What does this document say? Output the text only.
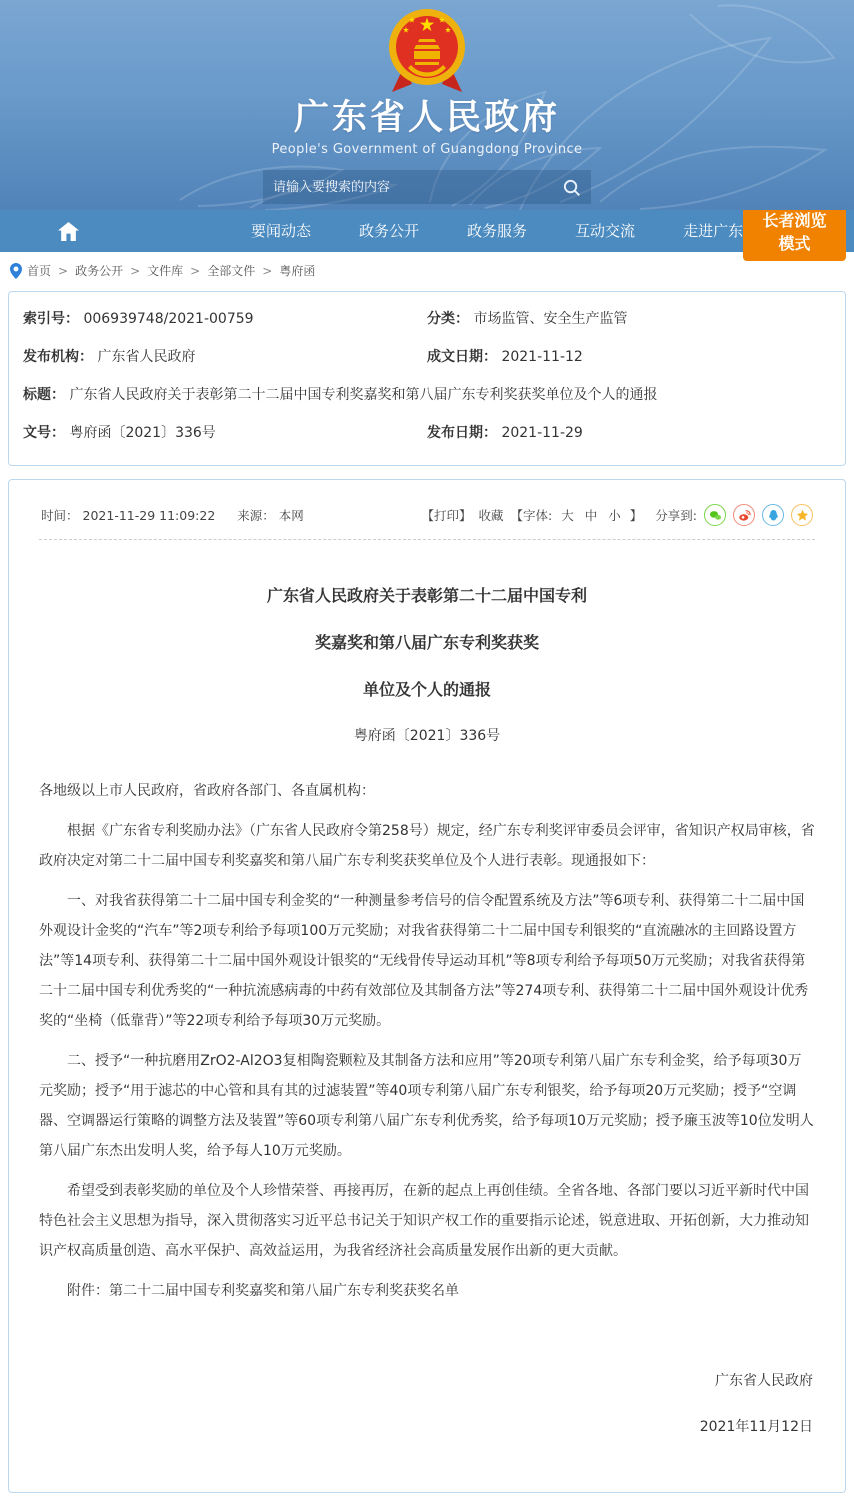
广东省人民政府
People's Government of Guangdong Province
请输入要搜索的内容
要闻动态	政务公开	政务服务	互动交流	走进广东
长者浏览模式
首页 > 政务公开 > 文件库 > 全部文件 > 粤府函
索引号： 006939748/2021-00759	分类： 市场监管、安全生产监管
发布机构： 广东省人民政府	成文日期： 2021-11-12
标题： 广东省人民政府关于表彰第二十二届中国专利奖嘉奖和第八届广东专利奖获奖单位及个人的通报
文号： 粤府函〔2021〕336号	发布日期： 2021-11-29
时间： 2021-11-29 11:09:22 来源： 本网	【打印】 收藏 【字体: 大 中 小 】 分享到:
广东省人民政府关于表彰第二十二届中国专利
奖嘉奖和第八届广东专利奖获奖
单位及个人的通报
粤府函〔2021〕336号

各地级以上市人民政府，省政府各部门、各直属机构：

根据《广东省专利奖励办法》（广东省人民政府令第258号）规定，经广东专利奖评审委员会评审，省知识产权局审核，省政府决定对第二十二届中国专利奖嘉奖和第八届广东专利奖获奖单位及个人进行表彰。现通报如下：

一、对我省获得第二十二届中国专利金奖的“一种测量参考信号的信令配置系统及方法”等6项专利、获得第二十二届中国外观设计金奖的“汽车”等2项专利给予每项100万元奖励；对我省获得第二十二届中国专利银奖的“直流融冰的主回路设置方法”等14项专利、获得第二十二届中国外观设计银奖的“无线骨传导运动耳机”等8项专利给予每项50万元奖励；对我省获得第二十二届中国专利优秀奖的“一种抗流感病毒的中药有效部位及其制备方法”等274项专利、获得第二十二届中国外观设计优秀奖的“坐椅（低靠背）”等22项专利给予每项30万元奖励。

二、授予“一种抗磨用ZrO2-Al2O3复相陶瓷颗粒及其制备方法和应用”等20项专利第八届广东专利金奖，给予每项30万元奖励；授予“用于滤芯的中心管和具有其的过滤装置”等40项专利第八届广东专利银奖，给予每项20万元奖励；授予“空调器、空调器运行策略的调整方法及装置”等60项专利第八届广东专利优秀奖，给予每项10万元奖励；授予廉玉波等10位发明人第八届广东杰出发明人奖，给予每人10万元奖励。

希望受到表彰奖励的单位及个人珍惜荣誉、再接再厉，在新的起点上再创佳绩。全省各地、各部门要以习近平新时代中国特色社会主义思想为指导，深入贯彻落实习近平总书记关于知识产权工作的重要指示论述，锐意进取、开拓创新，大力推动知识产权高质量创造、高水平保护、高效益运用，为我省经济社会高质量发展作出新的更大贡献。

附件：第二十二届中国专利奖嘉奖和第八届广东专利奖获奖名单

广东省人民政府
2021年11月12日
